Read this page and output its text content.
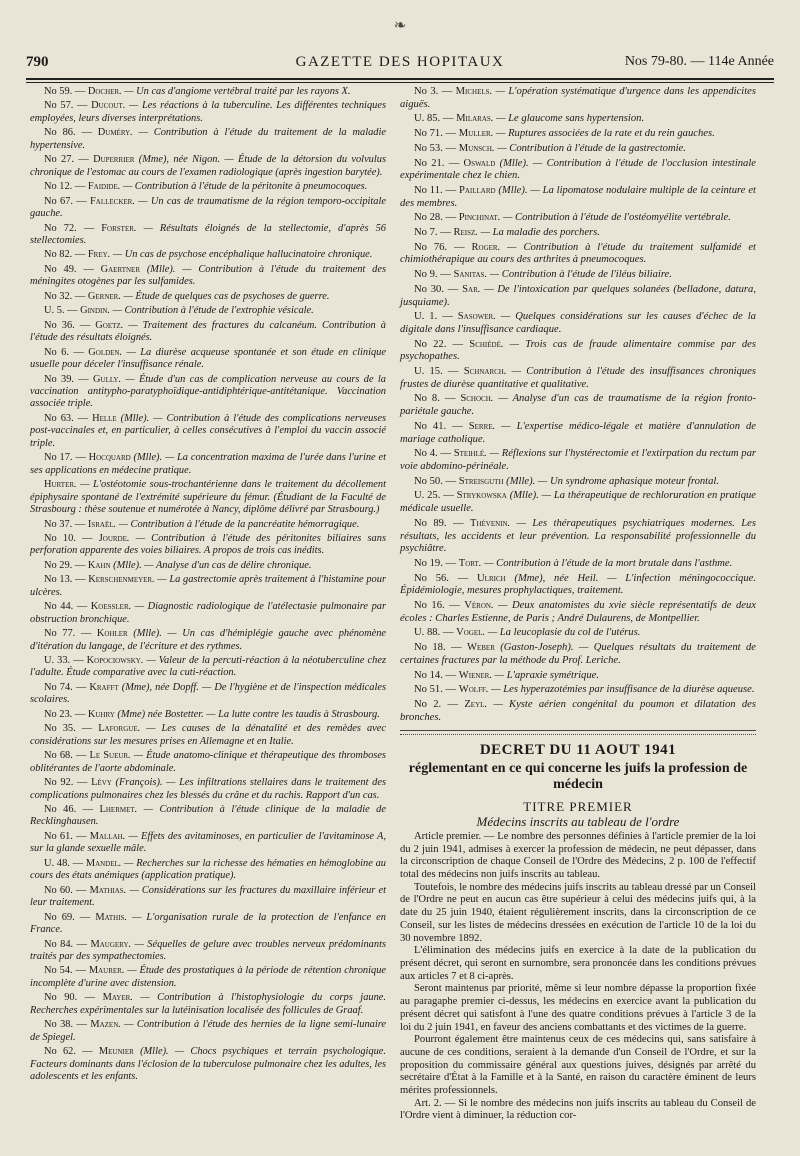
❧
790	GAZETTE DES HOPITAUX	Nos 79-80. — 114e Année

No 59. — Docher. — Un cas d'angiome vertébral traité par les rayons X.

No 57. — Ducout. — Les réactions à la tuberculine. Les différentes techniques employées, leurs diverses interprétations.

No 86. — Duméry. — Contribution à l'étude du traitement de la maladie hypertensive.

No 27. — Duperrier (Mme), née Nigon. — Étude de la détorsion du volvulus chronique de l'estomac au cours de l'examen radiologique (après ingestion barytée).

No 12. — Faidide. — Contribution à l'étude de la péritonite à pneumocoques.

No 67. — Fallecker. — Un cas de traumatisme de la région temporo-occipitale gauche.

No 72. — Forster. — Résultats éloignés de la stellectomie, d'après 56 stellectomies.

No 82. — Frey. — Un cas de psychose encéphalique hallucinatoire chronique.

No 49. — Gaertner (Mlle). — Contribution à l'étude du traitement des méningites otogènes par les sulfamides.

No 32. — Gerner. — Étude de quelques cas de psychoses de guerre.

U. 5. — Gindin. — Contribution à l'étude de l'extrophie vésicale.

No 36. — Goetz. — Traitement des fractures du calcanéum. Contribution à l'étude des résultats éloignés.

No 6. — Golden. — La diurèse acqueuse spontanée et son étude en clinique usuelle pour déceler l'insuffisance rénale.

No 39. — Gully. — Étude d'un cas de complication nerveuse au cours de la vaccination antitypho-paratyphoïdique-antidiphtérique-antitétanique. Vaccination associée triple.

No 63. — Helle (Mlle). — Contribution à l'étude des complications nerveuses post-vaccinales et, en particulier, à celles consécutives à l'emploi du vaccin associé triple.

No 17. — Hocquard (Mlle). — La concentration maxima de l'urée dans l'urine et ses applications en médecine pratique.

Hurter. — L'ostéotomie sous-trochantérienne dans le traitement du décollement épiphysaire spontané de l'extrémité supérieure du fémur. (Étudiant de la Faculté de Strasbourg : thèse soutenue et numérotée à Nancy, diplôme délivré par Strasbourg.)

No 37. — Israël. — Contribution à l'étude de la pancréatite hémorragique.

No 10. — Jourde. — Contribution à l'étude des péritonites biliaires sans perforation apparente des voies biliaires. A propos de trois cas inédits.

No 29. — Kahn (Mlle). — Analyse d'un cas de délire chronique.

No 13. — Kerschenmeyer. — La gastrectomie après traitement à l'histamine pour ulcères.

No 44. — Koessler. — Diagnostic radiologique de l'atélectasie pulmonaire par obstruction bronchique.

No 77. — Kohler (Mlle). — Un cas d'hémiplégie gauche avec phénomène d'itération du langage, de l'écriture et des rythmes.

U. 33. — Kopociowsky. — Valeur de la percuti-réaction à la néotuberculine chez l'adulte. Étude comparative avec la cuti-réaction.

No 74. — Krafft (Mme), née Dopff. — De l'hygiène et de l'inspection médicales scolaires.

No 23. — Kuhry (Mme) née Bostetter. — La lutte contre les taudis à Strasbourg.

No 35. — Laforgue. — Les causes de la dénatalité et des remèdes avec considérations sur les mesures prises en Allemagne et en Italie.

No 68. — Le Sueur. — Étude anatomo-clinique et thérapeutique des thromboses oblitérantes de l'aorte abdominale.

No 92. — Lévy (François). — Les infiltrations stellaires dans le traitement des complications pulmonaires chez les blessés du crâne et du rachis. Rapport d'un cas.

No 46. — Lhermet. — Contribution à l'étude clinique de la maladie de Recklinghausen.

No 61. — Mallah. — Effets des avitaminoses, en particulier de l'avitaminose A, sur la glande sexuelle mâle.

U. 48. — Mandel. — Recherches sur la richesse des hématies en hémoglobine au cours des états anémiques (application pratique).

No 60. — Mathias. — Considérations sur les fractures du maxillaire inférieur et leur traitement.

No 69. — Mathis. — L'organisation rurale de la protection de l'enfance en France.

No 84. — Maugery. — Séquelles de gelure avec troubles nerveux prédominants traités par des sympathectomies.

No 54. — Maurer. — Étude des prostatiques à la période de rétention chronique incomplète d'urine avec distension.

No 90. — Mayer. — Contribution à l'histophysiologie du corps jaune. Recherches expérimentales sur la lutéinisation localisée des follicules de Graaf.

No 38. — Mazen. — Contribution à l'étude des hernies de la ligne semi-lunaire de Spiegel.

No 62. — Meunier (Mlle). — Chocs psychiques et terrain psychologique. Facteurs dominants dans l'éclosion de la tuberculose pulmonaire chez les adultes, les adolescents et les enfants.

No 3. — Michels. — L'opération systématique d'urgence dans les appendicites aiguës.

U. 85. — Milaras. — Le glaucome sans hypertension.

No 71. — Muller. — Ruptures associées de la rate et du rein gauches.

No 53. — Munsch. — Contribution à l'étude de la gastrectomie.

No 21. — Oswald (Mlle). — Contribution à l'étude de l'occlusion intestinale expérimentale chez le chien.

No 11. — Paillard (Mlle). — La lipomatose nodulaire multiple de la ceinture et des membres.

No 28. — Pinchinat. — Contribution à l'étude de l'ostéomyélite vertébrale.

No 7. — Reisz. — La maladie des porchers.

No 76. — Roger. — Contribution à l'étude du traitement sulfamidé et chimiothérapique au cours des arthrites à pneumocoques.

No 9. — Sanitas. — Contribution à l'étude de l'iléus biliaire.

No 30. — Sar. — De l'intoxication par quelques solanées (belladone, datura, jusquiame).

U. 1. — Sasower. — Quelques considérations sur les causes d'échec de la digitale dans l'insuffisance cardiaque.

No 22. — Schiédé. — Trois cas de fraude alimentaire commise par des psychopathes.

U. 15. — Schnarch. — Contribution à l'étude des insuffisances chroniques frustes de diurèse quantitative et qualitative.

No 8. — Schoch. — Analyse d'un cas de traumatisme de la région fronto-pariétale gauche.

No 41. — Serre. — L'expertise médico-légale et matière d'annulation de mariage catholique.

No 4. — Steihlé. — Réflexions sur l'hystérectomie et l'extirpation du rectum par voie abdomino-périnéale.

No 50. — Streisguth (Mlle). — Un syndrome aphasique moteur frontal.

U. 25. — Strykowska (Mlle). — La thérapeutique de rechloruration en pratique médicale usuelle.

No 89. — Thévenin. — Les thérapeutiques psychiatriques modernes. Les résultats, les accidents et leur prévention. La responsabilité professionnelle du psychiâtre.

No 19. — Tort. — Contribution à l'étude de la mort brutale dans l'asthme.

No 56. — Ulrich (Mme), née Heil. — L'infection méningococcique. Épidémiologie, mesures prophylactiques, traitement.

No 16. — Véron. — Deux anatomistes du xvie siècle représentatifs de deux écoles : Charles Estienne, de Paris ; André Dulaurens, de Montpellier.

U. 88. — Vogel. — La leucoplasie du col de l'utérus.

No 18. — Weber (Gaston-Joseph). — Quelques résultats du traitement de certaines fractures par la méthode du Prof. Leriche.

No 14. — Wiener. — L'apraxie symétrique.

No 51. — Wolff. — Les hyperazotémies par insuffisance de la diurèse aqueuse.

No 2. — Zeyl. — Kyste aérien congénital du poumon et dilatation des bronches.

DECRET DU 11 AOUT 1941
réglementant en ce qui concerne les juifs la profession de médecin
TITRE PREMIER
Médecins inscrits au tableau de l'ordre

Article premier. — Le nombre des personnes définies à l'article premier de la loi du 2 juin 1941, admises à exercer la profession de médecin, ne peut dépasser, dans la circonscription de chaque Conseil de l'Ordre des Médecins, 2 p. 100 de l'effectif total des médecins non juifs inscrits au tableau.

Toutefois, le nombre des médecins juifs inscrits au tableau dressé par un Conseil de l'Ordre ne peut en aucun cas être supérieur à celui des médecins juifs qui, à la date du 25 juin 1940, étaient régulièrement inscrits, dans la circonscription de ce Conseil, sur les listes de médecins dressées en exécution de l'article 10 de la loi du 30 novembre 1892.

L'élimination des médecins juifs en exercice à la date de la publication du présent décret, qui seront en surnombre, sera prononcée dans les conditions prévues aux articles 7 et 8 ci-après.

Seront maintenus par priorité, même si leur nombre dépasse la proportion fixée au paragaphe premier ci-dessus, les médecins en exercice avant la publication du présent décret qui satisfont à l'une des quatre conditions prévues à l'article 3 de la loi du 2 juin 1941, en faveur des anciens combattants et des victimes de la guerre.

Pourront également être maintenus ceux de ces médecins qui, sans satisfaire à aucune de ces conditions, seraient à la demande d'un Conseil de l'Ordre, et sur la proposition du commissaire général aux questions juives, désignés par arrêté du secrétaire d'État à la Famille et à la Santé, en raison du caractère éminent de leurs mérites professionnels.

Art. 2. — Si le nombre des médecins non juifs inscrits au tableau du Conseil de l'Ordre vient à diminuer, la réduction cor-
